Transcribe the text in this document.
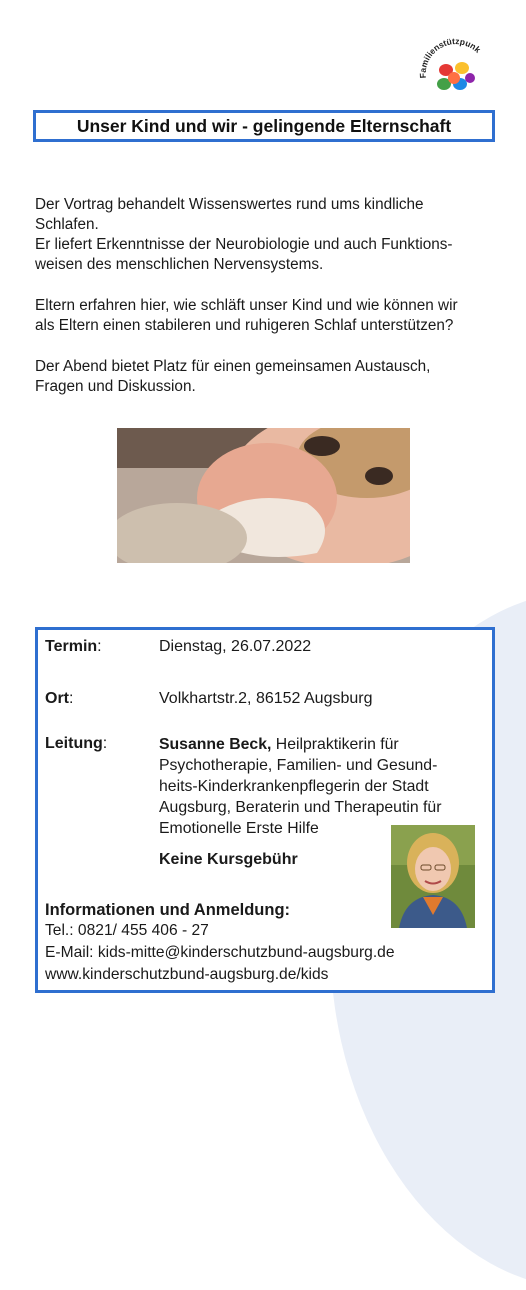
Familienstützpunk
Unser Kind und wir - gelingende Elternschaft

Der Vortrag behandelt Wissenswertes rund ums kindliche
Schlafen.
Er liefert Erkenntnisse der Neurobiologie und auch Funktions-
weisen des menschlichen Nervensystems.

Eltern erfahren hier, wie schläft unser Kind und wie können wir
als Eltern einen stabileren und ruhigeren Schlaf unterstützen?

Der Abend bietet Platz für einen gemeinsamen Austausch,
Fragen und Diskussion.

Termin:	Dienstag, 26.07.2022
Ort:	Volkhartstr.2, 86152 Augsburg
Leitung:	Susanne Beck, Heilpraktikerin für
Psychotherapie, Familien- und Gesund-
heits-Kinderkrankenpflegerin der Stadt
Augsburg, Beraterin und Therapeutin für
Emotionelle Erste Hilfe

Keine Kursgebühr
Informationen und Anmeldung:
Tel.: 0821/ 455 406 - 27
E-Mail: kids-mitte@kinderschutzbund-augsburg.de
www.kinderschutzbund-augsburg.de/kids
